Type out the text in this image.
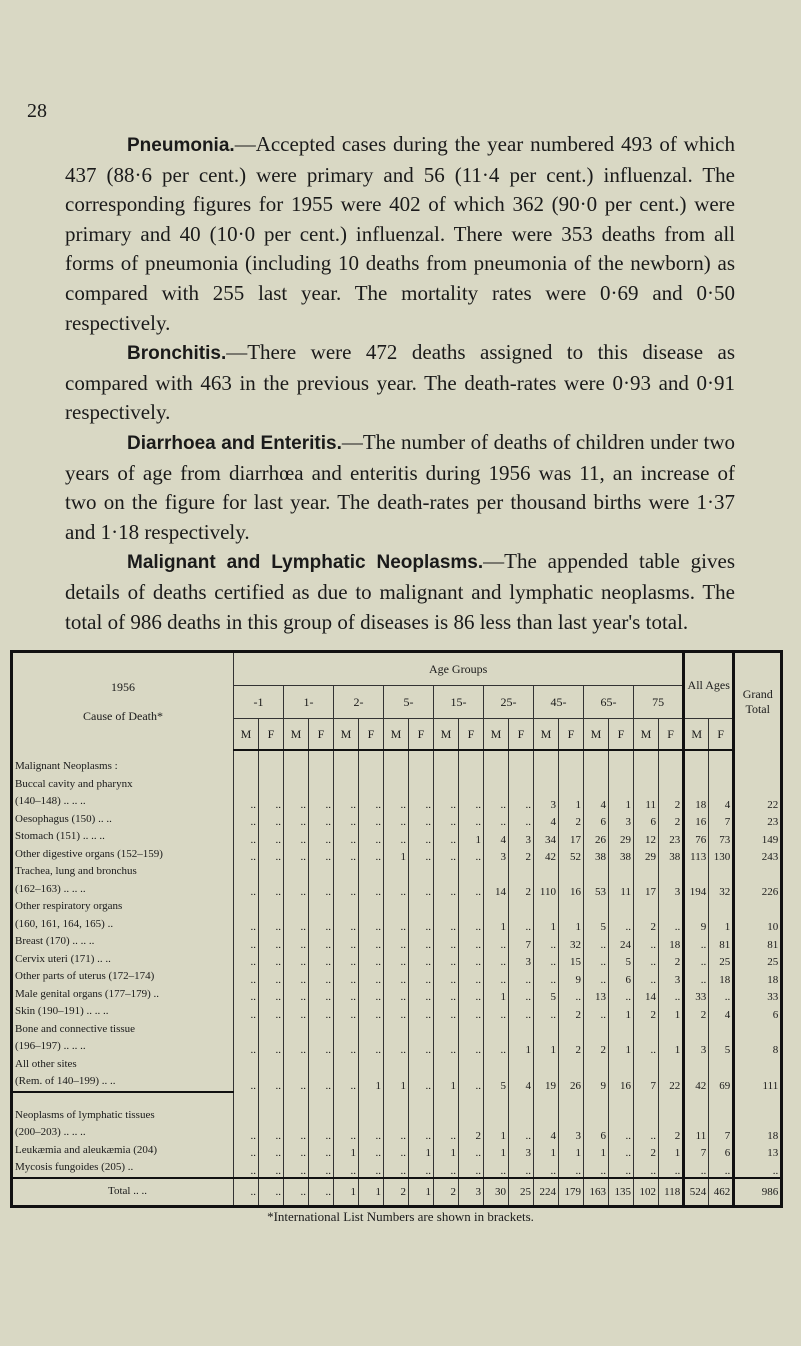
28

Pneumonia.—Accepted cases during the year numbered 493 of which 437 (88·6 per cent.) were primary and 56 (11·4 per cent.) influenzal. The corresponding figures for 1955 were 402 of which 362 (90·0 per cent.) were primary and 40 (10·0 per cent.) influenzal. There were 353 deaths from all forms of pneumonia (including 10 deaths from pneumonia of the newborn) as compared with 255 last year. The mortality rates were 0·69 and 0·50 respectively.

Bronchitis.—There were 472 deaths assigned to this disease as compared with 463 in the previous year. The death-rates were 0·93 and 0·91 respectively.

Diarrhoea and Enteritis.—The number of deaths of children under two years of age from diarrhœa and enteritis during 1956 was 11, an increase of two on the figure for last year. The death-rates per thousand births were 1·37 and 1·18 respectively.

Malignant and Lymphatic Neoplasms.—The appended table gives details of deaths certified as due to malignant and lymphatic neoplasms. The total of 986 deaths in this group of diseases is 86 less than last year's total.

1956
Cause of Death*	Age Groups																		All Ages		Grand Total
	-1		1-		2-		5-		15-		25-		45-		65-		75				
	M	F	M	F	M	F	M	F	M	F	M	F	M	F	M	F	M	F	M	F	

Malignant Neoplasms :
Buccal cavity and pharynx
(140–148) .. .. ..	..	..	..	..	..	..	..	..	..	..	..	..	3	1	4	1	11	2	18	4	22

Oesophagus (150) .. ..	..	..	..	..	..	..	..	..	..	..	..	..	4	2	6	3	6	2	16	7	23

Stomach (151) .. .. ..	..	..	..	..	..	..	..	..	..	1	4	3	34	17	26	29	12	23	76	73	149

Other digestive organs (152–159)	..	..	..	..	..	..	1	..	..	..	3	2	42	52	38	38	29	38	113	130	243

Trachea, lung and bronchus
(162–163) .. .. ..	..	..	..	..	..	..	..	..	..	..	14	2	110	16	53	11	17	3	194	32	226

Other respiratory organs
(160, 161, 164, 165) ..	..	..	..	..	..	..	..	..	..	..	1	..	1	1	5	..	2	..	9	1	10

Breast (170) .. .. ..	..	..	..	..	..	..	..	..	..	..	..	7	..	32	..	24	..	18	..	81	81

Cervix uteri (171) .. ..	..	..	..	..	..	..	..	..	..	..	..	3	..	15	..	5	..	2	..	25	25

Other parts of uterus (172–174)	..	..	..	..	..	..	..	..	..	..	..	..	..	9	..	6	..	3	..	18	18

Male genital organs (177–179) ..	..	..	..	..	..	..	..	..	..	..	1	..	5	..	13	..	14	..	33	..	33

Skin (190–191) .. .. ..	..	..	..	..	..	..	..	..	..	..	..	..	..	2	..	1	2	1	2	4	6

Bone and connective tissue
(196–197) .. .. ..	..	..	..	..	..	..	..	..	..	..	..	1	1	2	2	1	..	1	3	5	8

All other sites
(Rem. of 140–199) .. ..	..	..	..	..	..	1	1	..	1	..	5	4	19	26	9	16	7	22	42	69	111

Neoplasms of lymphatic tissues
(200–203) .. .. ..	..	..	..	..	..	..	..	..	..	2	1	..	4	3	6	..	..	2	11	7	18

Leukæmia and aleukæmia (204)	..	..	..	..	1	..	..	1	1	..	1	3	1	1	1	..	2	1	7	6	13

Mycosis fungoides (205) ..	..	..	..	..	..	..	..	..	..	..	..	..	..	..	..	..	..	..	..	..	..
Total .. ..	..	..	..	..	1	1	2	1	2	3	30	25	224	179	163	135	102	118	524	462	986
*International List Numbers are shown in brackets.
